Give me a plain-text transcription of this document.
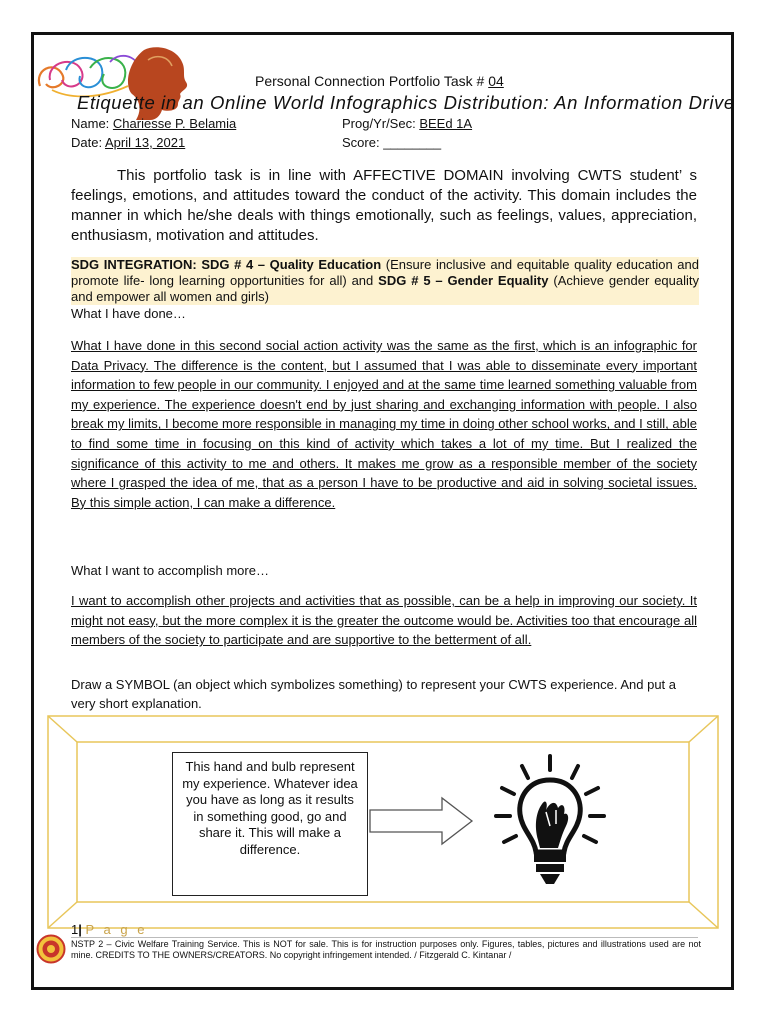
Personal Connection Portfolio Task # 04
Etiquette in an Online World Infographics Distribution: An Information Drive
Name: Chariesse P. Belamia	Prog/Yr/Sec: BEEd 1A
Date: April 13, 2021	Score: ________
This portfolio task is in line with AFFECTIVE DOMAIN involving CWTS student’ s feelings, emotions, and attitudes toward the conduct of the activity. This domain includes the manner in which he/she deals with things emotionally, such as feelings, values, appreciation, enthusiasm, motivation and attitudes.
SDG INTEGRATION: SDG # 4 – Quality Education (Ensure inclusive and equitable quality education and promote life- long learning opportunities for all) and SDG # 5 – Gender Equality (Achieve gender equality and empower all women and girls)
What I have done…
What I have done in this second social action activity was the same as the first, which is an infographic for Data Privacy. The difference is the content, but I assumed that I was able to disseminate every important information to few people in our community. I enjoyed and at the same time learned something valuable from my experience. The experience doesn't end by just sharing and exchanging information with people. I also break my limits, I become more responsible in managing my time in doing other school works, and I still, able to find some time in focusing on this kind of activity which takes a lot of my time. But I realized the significance of this activity to me and others. It makes me grow as a responsible member of the society where I grasped the idea of me, that as a person I have to be productive and aid in solving societal issues. By this simple action, I can make a difference.
What I want to accomplish more…
I want to accomplish other projects and activities that as possible, can be a help in improving our society. It might not easy, but the more complex it is the greater the outcome would be. Activities too that encourage all members of the society to participate and are supportive to the betterment of all.
Draw a SYMBOL (an object which symbolizes something) to represent your CWTS experience. And put a very short explanation.
This hand and bulb represent my experience. Whatever idea you have as long as it results in something good, go and share it. This will make a difference.
1| P a g e
NSTP 2 – Civic Welfare Training Service. This is NOT for sale. This is for instruction purposes only. Figures, tables, pictures and illustrations used are not mine. CREDITS TO THE OWNERS/CREATORS. No copyright infringement intended. / Fitzgerald C. Kintanar /
